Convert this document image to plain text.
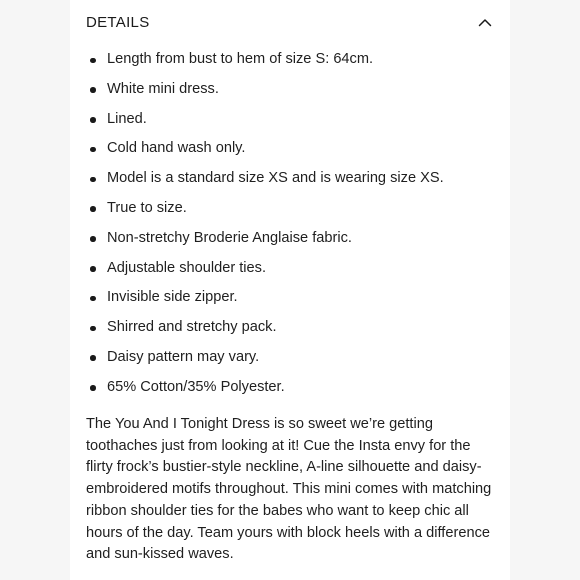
DETAILS
Length from bust to hem of size S: 64cm.
White mini dress.
Lined.
Cold hand wash only.
Model is a standard size XS and is wearing size XS.
True to size.
Non-stretchy Broderie Anglaise fabric.
Adjustable shoulder ties.
Invisible side zipper.
Shirred and stretchy pack.
Daisy pattern may vary.
65% Cotton/35% Polyester.

The You And I Tonight Dress is so sweet we’re getting toothaches just from looking at it! Cue the Insta envy for the flirty frock’s bustier-style neckline, A-line silhouette and daisy-embroidered motifs throughout. This mini comes with matching ribbon shoulder ties for the babes who want to keep chic all hours of the day. Team yours with block heels with a difference and sun-kissed waves.
